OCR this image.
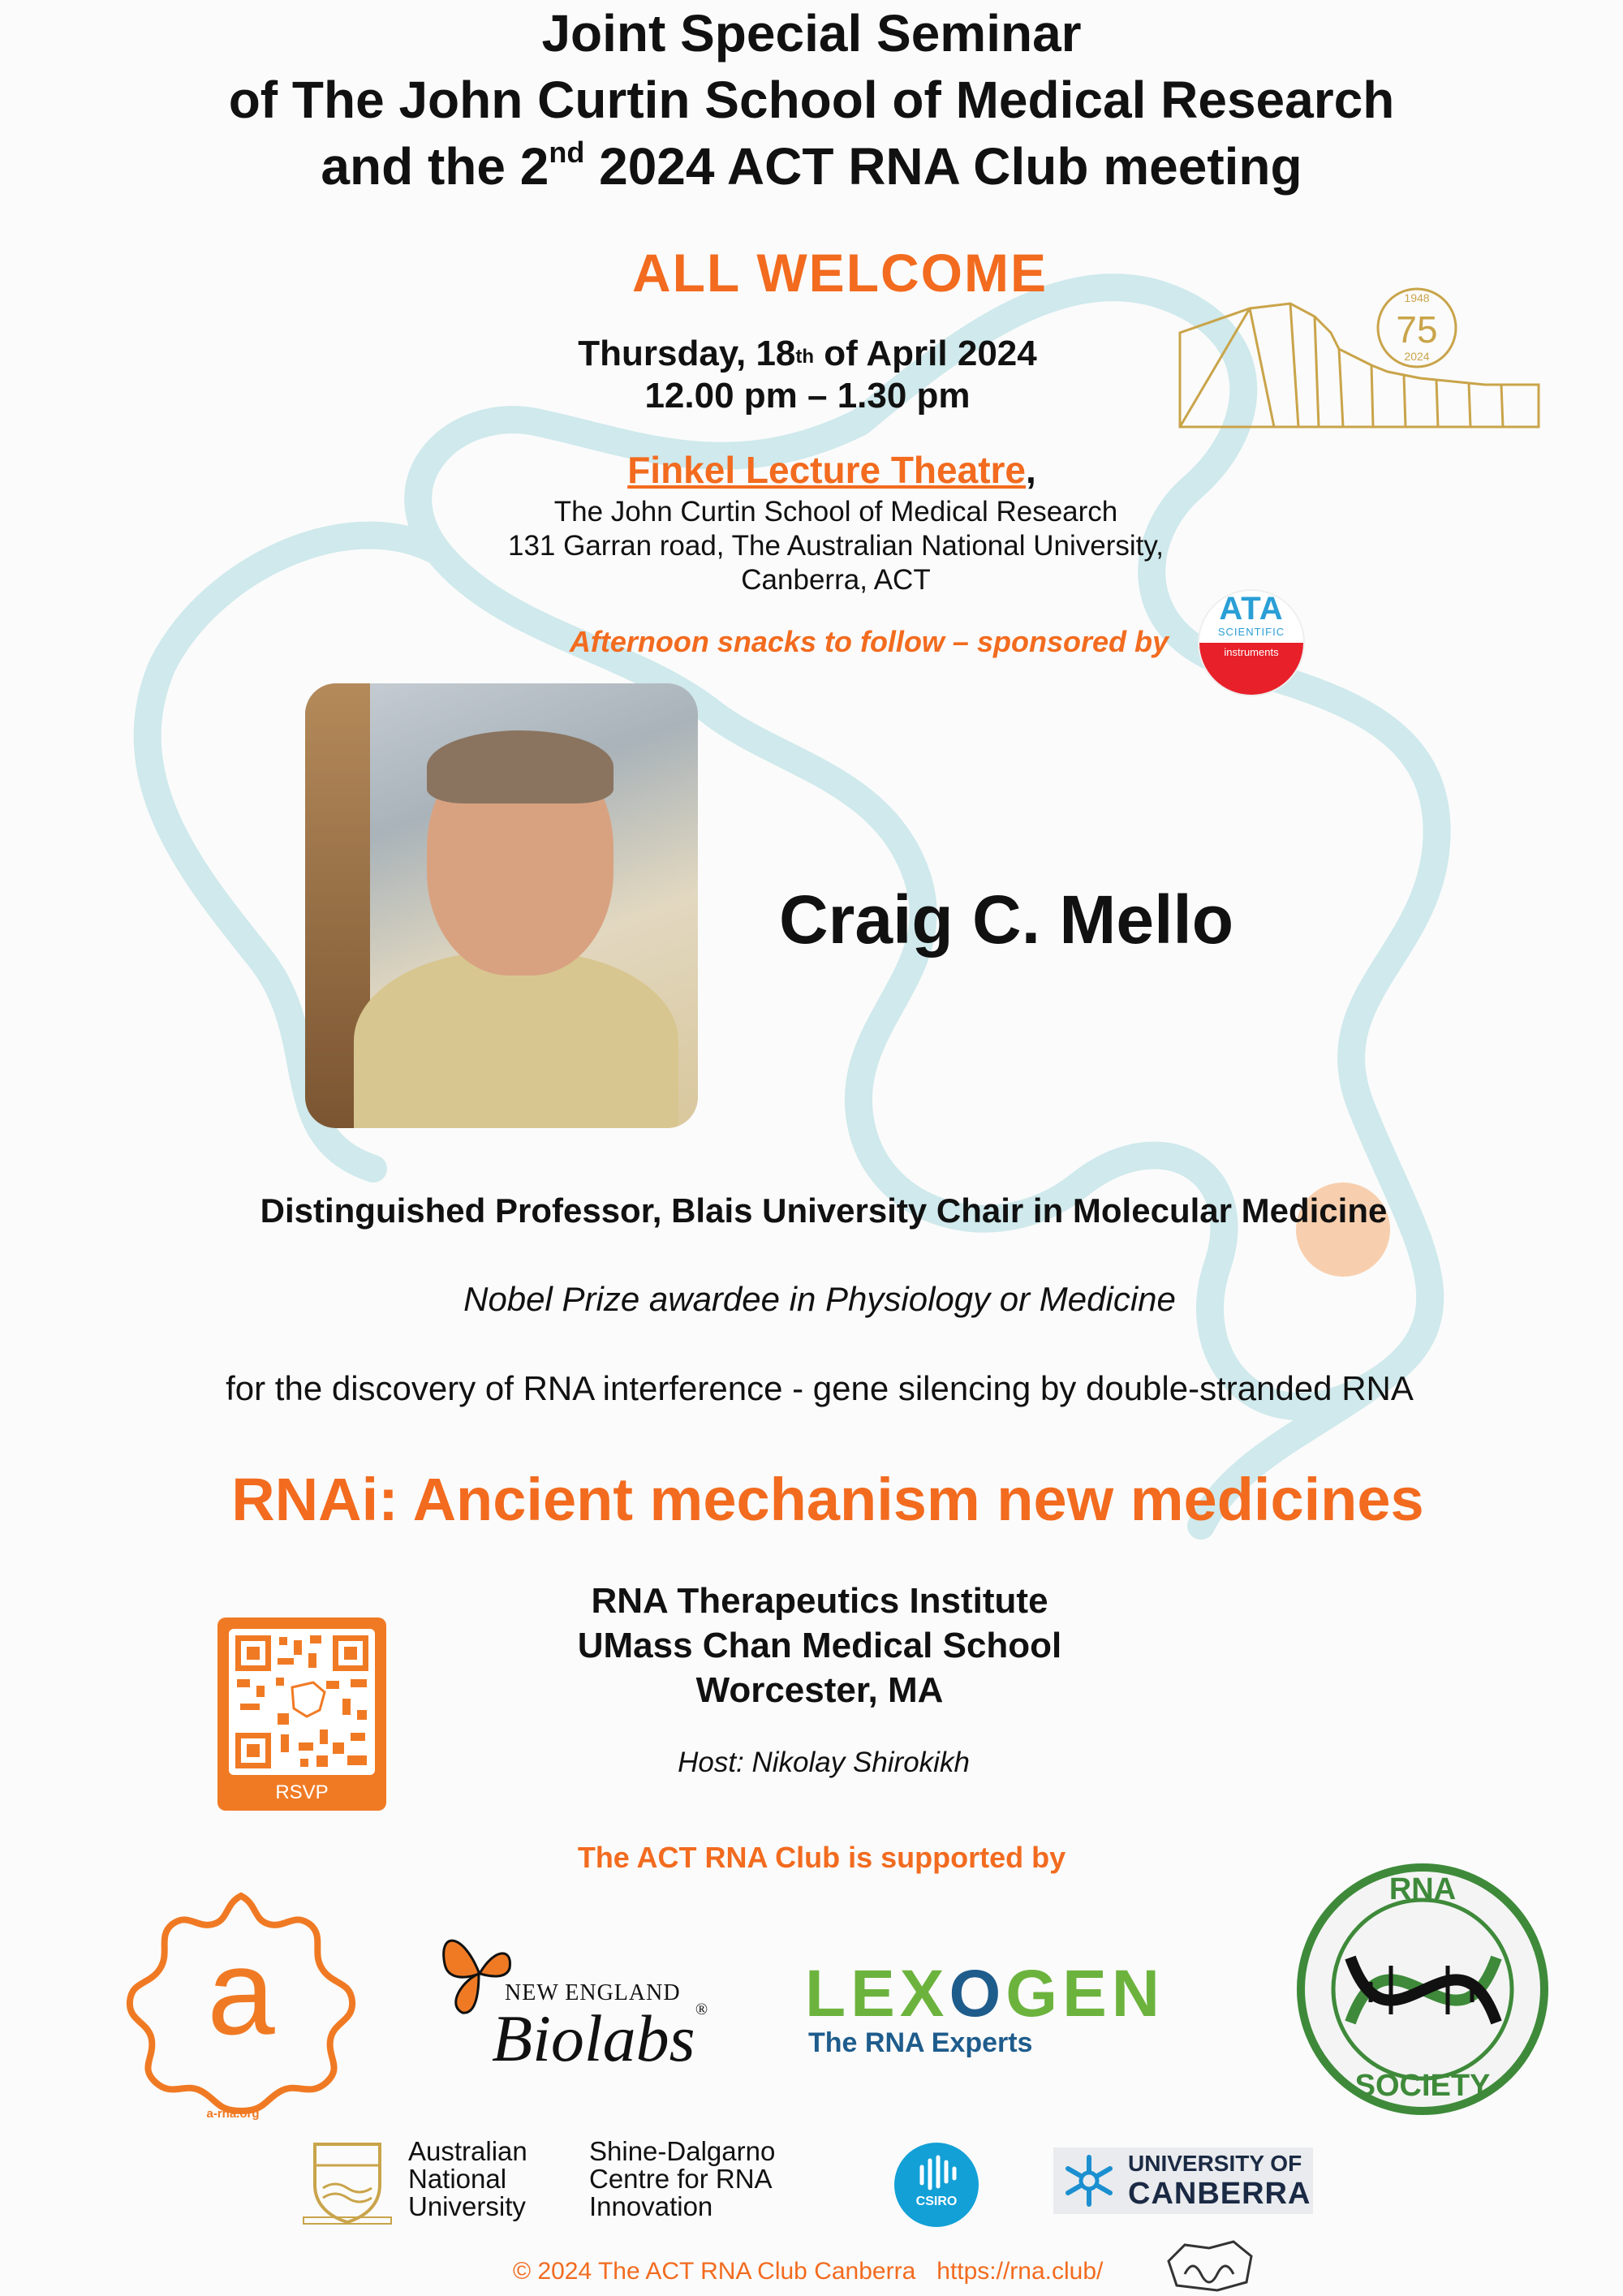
Joint Special Seminar
of The John Curtin School of Medical Research
and the 2nd 2024 ACT RNA Club meeting
ALL WELCOME	1948
75
2024
Thursday, 18th of April 2024
12.00 pm – 1.30 pm
Finkel Lecture Theatre,
The John Curtin School of Medical Research
131 Garran road, The Australian National University,
Canberra, ACT
Afternoon snacks to follow – sponsored by
ATA
SCIENTIFIC
instruments
Craig C. Mello
Distinguished Professor, Blais University Chair in Molecular Medicine
Nobel Prize awardee in Physiology or Medicine
for the discovery of RNA interference - gene silencing by double-stranded RNA
RNAi: Ancient mechanism new medicines
RSVP
RNA Therapeutics Institute
UMass Chan Medical School
Worcester, MA
Host: Nikolay Shirokikh
The ACT RNA Club is supported by
a
a-rna.org
NEW ENGLAND
Biolabs® LEXOGEN
The RNA Experts
RNA
SOCIETY
Australian
National
University
Shine-Dalgarno
Centre for RNA
Innovation	CSIRO
UNIVERSITY OF
CANBERRA
© 2024 The ACT RNA Club Canberra https://rna.club/
